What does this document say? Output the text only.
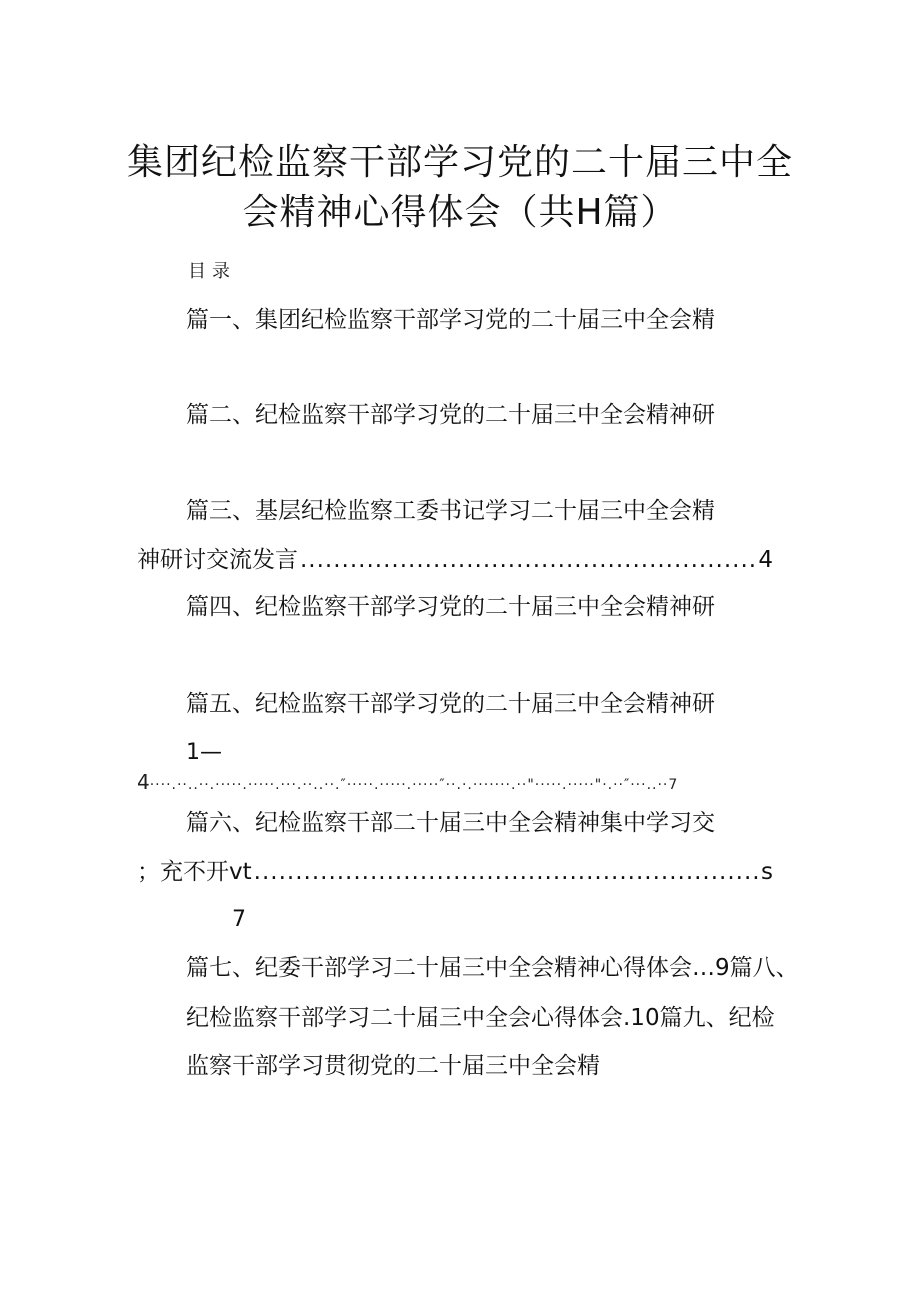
集团纪检监察干部学习党的二十届三中全
会精神心得体会（共H篇）
目录
篇一、集团纪检监察干部学习党的二十届三中全会精
篇二、纪检监察干部学习党的二十届三中全会精神研
篇三、基层纪检监察工委书记学习二十届三中全会精
神研讨交流发言 .....	4
篇四、纪检监察干部学习党的二十届三中全会精神研
篇五、纪检监察干部学习党的二十届三中全会精神研
1—
4····.··..··.·····.·····.···.··..··.″·····.·····.·····″··.·.·······.··"·····.·····"·.··″···..··7
篇六、纪检监察干部二十届三中全会精神集中学习交
；充不开vt .....	s
7
篇七、纪委干部学习二十届三中全会精神心得体会…9篇八、
纪检监察干部学习二十届三中全会心得体会.10篇九、纪检
监察干部学习贯彻党的二十届三中全会精
